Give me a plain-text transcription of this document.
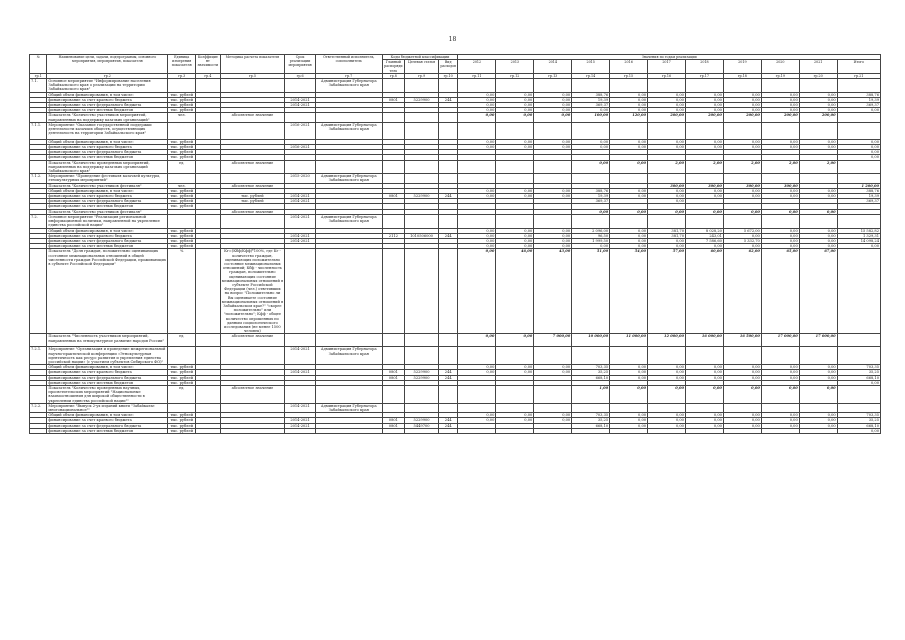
18
№	Наименование цели, задачи, подпрограммы, основного мероприятия, мероприятия, показателя	Единица измерения показателя	Коэффициент значимости	Методика расчета показателя	Срок реализации мероприятия	Ответственный исполнитель, соисполнитель	Коды бюджетной классификации			Значения по годам реализации										
							Главный распорядитель	Целевая статья	Вид расходов	2012	2013	2014	2015	2016	2017	2018	2019	2020	2021	Итого
гр.1	гр.2	гр.3	гр.4	гр.5	гр.6	гр.7	гр.8	гр.9	гр.10	гр.11	гр.12	гр.13	гр.14	гр.15	гр.16	гр.17	гр.18	гр.19	гр.20	гр.21
7.1.	Основное мероприятие "Информирование населения Забайкальского края о реализации на территории Забайкальского края"					Администрация Губернатора Забайкальского края														
	Общий объем финансирования, в том числе:	тыс. рублей								0,00	0,00	0,00	388,76	0,00	0,00	0,00	0,00	0,00	0,00	388,76
	финансирование за счет краевого бюджета	тыс. рублей			2014-2021		0801	5229900	244	0,00	0,00	0,00	19,39	0,00	0,00	0,00	0,00	0,00	0,00	19,39
	финансирование за счет федерального бюджета	тыс. рублей			2014-2021					0,00	0,00	0,00	369,37	0,00	0,00	0,00	0,00	0,00	0,00	369,37
	финансирование за счет местных бюджетов	тыс. рублей								0,00	0,00	0,00	0,00	0,00	0,00	0,00	0,00	0,00	0,00	0,00
	Показатель "Количество участников мероприятий, направленных на поддержку казачьих организаций"	чел.		абсолютное значение						0,00	0,00	0,00	100,00	120,00	200,00	200,00	200,00	200,00	200,00	
7.1.1.	Мероприятие "Оказание государственной поддержки деятельности казачьих обществ, осуществляющих деятельность на территории Забайкальского края"				2016-2021	Администрация Губернатора Забайкальского края														
	Общий объем финансирования, в том числе:	тыс. рублей								0,00	0,00	0,00	0,00	0,00	0,00	0,00	0,00	0,00	0,00	0,00
	финансирование за счет краевого бюджета	тыс. рублей			2016-2021					0,00	0,00	0,00	0,00	0,00	0,00	0,00	0,00	0,00	0,00	0,00
	финансирование за счет федерального бюджета	тыс. рублей																		0,00
	финансирование за счет местных бюджетов	тыс. рублей																		0,00
	Показатель "Количество проведенных мероприятий, направленных на поддержку казачьих организаций Забайкальского края"	ед.		абсолютное значение									0,00	0,00	2,00	2,00	2,00	2,00	2,00	
7.1.2.	Мероприятие "Проведение фестиваля казачьей культуры, этнокультурных мероприятий"				2015-2020	Администрация Губернатора Забайкальского края														
	Показатель "Количество участников фестиваля"	чел.		абсолютное значение											300,00	300,00	300,00	300,00		1 200,00
	Общий объем финансирования, в том числе:	тыс. рублей								0,00	0,00	0,00	388,76	0,00	0,00	0,00	0,00	0,00	0,00	388,76
	финансирование за счет краевого бюджета	тыс. рублей		тыс. рублей	2014-2021		0801	5229900	244	0,00	0,00	0,00	19,39	0,00	0,00	0,00	0,00	0,00	0,00	19,39
	финансирование за счет федерального бюджета	тыс. рублей		тыс. рублей	2014-2021								369,37		0,00					369,37
	финансирование за счет местных бюджетов	тыс. рублей																		
	Показатель "Количество участников фестиваля"			абсолютное значение									0,00	0,00	0,00	0,00	0,00	0,00	0,00	
7.2.	Основное мероприятие "Реализация региональной информационной политики, направленной на укрепление единства российской нации"				2014-2021	Администрация Губернатора Забайкальского края														
	Общий объем финансирования, в том числе:	тыс. рублей								0,00	0,00	0,00	2 096,00	0,00	381,70	8 028,20	5 672,00	0,00	0,00	15 582,82
	финансирование за счет краевого бюджета	тыс. рублей			2014-2021		2112	1010506000	244	0,00	0,00	0,00	96,50	0,00	381,70	243,01	0,00	0,00	0,00	1 329,31
	финансирование за счет федерального бюджета	тыс. рублей			2014-2021					0,00	0,00	0,00	1 999,50	0,00	0,00	7 586,60	5 332,70	0,00	0,00	14 098,24
	финансирование за счет местных бюджетов	тыс. рублей								0,00	0,00	0,00	0,00	0,00	0,00	0,00	0,00	0,00	0,00	0,00
	Показатель "Доля граждан, положительно оценивающих состояние межнациональных отношений в общей численности граждан Российской Федерации, проживающих в субъекте Российской Федерации"	%		Кг=(Кбф/Кфф)*100%, где Кг - количество граждан, оценивающих положительно состояние межнациональных отношений; Кбф - численность граждан, положительно оценивающих состояние межнациональных отношений в субъекте Российской Федерации (чел.) ответивших на вопрос "Положительно ли Вы оцениваете состояние межнациональных отношений в Забайкальском крае?" "скорее положительно" или "положительно"; Кфф - общее количество опрошенных по данным социологического исследования (не менее 1500 человек)						0,00	46,00	43,00	51,00	54,00	57,00	60,00	62,00	65,00	67,00	
	Показатель "Численность участников мероприятий, направленных на этнокультурное развитие народов России"	ед.		абсолютное значение						0,00	0,00	7 000,00	10 000,00	11 000,00	12 000,00	16 000,00	16 500,00	17 000,00	17 000,00	
7.2.1.	Мероприятие "Организация и проведение межрегиональной научно-практической конференции «Этнокультурная идентичность как ресурс развития и укрепления единства российской нации» (с участием субъектов Сибирского ФО)"				2014-2021	Администрация Губернатора Забайкальского края														
	Общий объем финансирования, в том числе:	тыс. рублей								0,00	0,00	0,00	703,35	0,00	0,00	0,00	0,00	0,00	0,00	703,35
	финансирование за счет краевого бюджета	тыс. рублей			2014-2021		0801	5229900	244	0,00	0,00	0,00	35,25	0,00	0,00	0,00	0,00	0,00	0,00	35,25
	финансирование за счет федерального бюджета	тыс. рублей					0801	5229900	244				668,10	0,00	0,00	0,00	0,00	0,00	0,00	668,10
	финансирование за счет местных бюджетов	тыс. рублей																		0,00
	Показатель "Количество проведенных научных, просветительских мероприятий "Национальные взаимоотношения для широкой общественности в укреплении единства российской нации""	ед.		абсолютное значение									1,00	0,00	0,00	0,00	0,00	0,00	0,00	
7.2.2.	Мероприятие "Выпуск 2-ух изданий книги "Забайкалье многонациональное""				2014-2021	Администрация Губернатора Забайкальского края														
	Общий объем финансирования, в том числе:	тыс. рублей								0,00	0,00	0,00	703,35	0,00	0,00	0,00	0,00	0,00	0,00	703,35
	финансирование за счет краевого бюджета	тыс. рублей			2014-2021		0801	5229900	244	0,00	0,00	0,00	35,25	0,00	0,00	0,00	0,00	0,00	0,00	35,25
	финансирование за счет федерального бюджета	тыс. рублей			2014-2021		0801	5449700	244				668,10	0,00	0,00	0,00	0,00	0,00	0,00	668,10
	финансирование за счет местных бюджетов	тыс. рублей																		0,00
